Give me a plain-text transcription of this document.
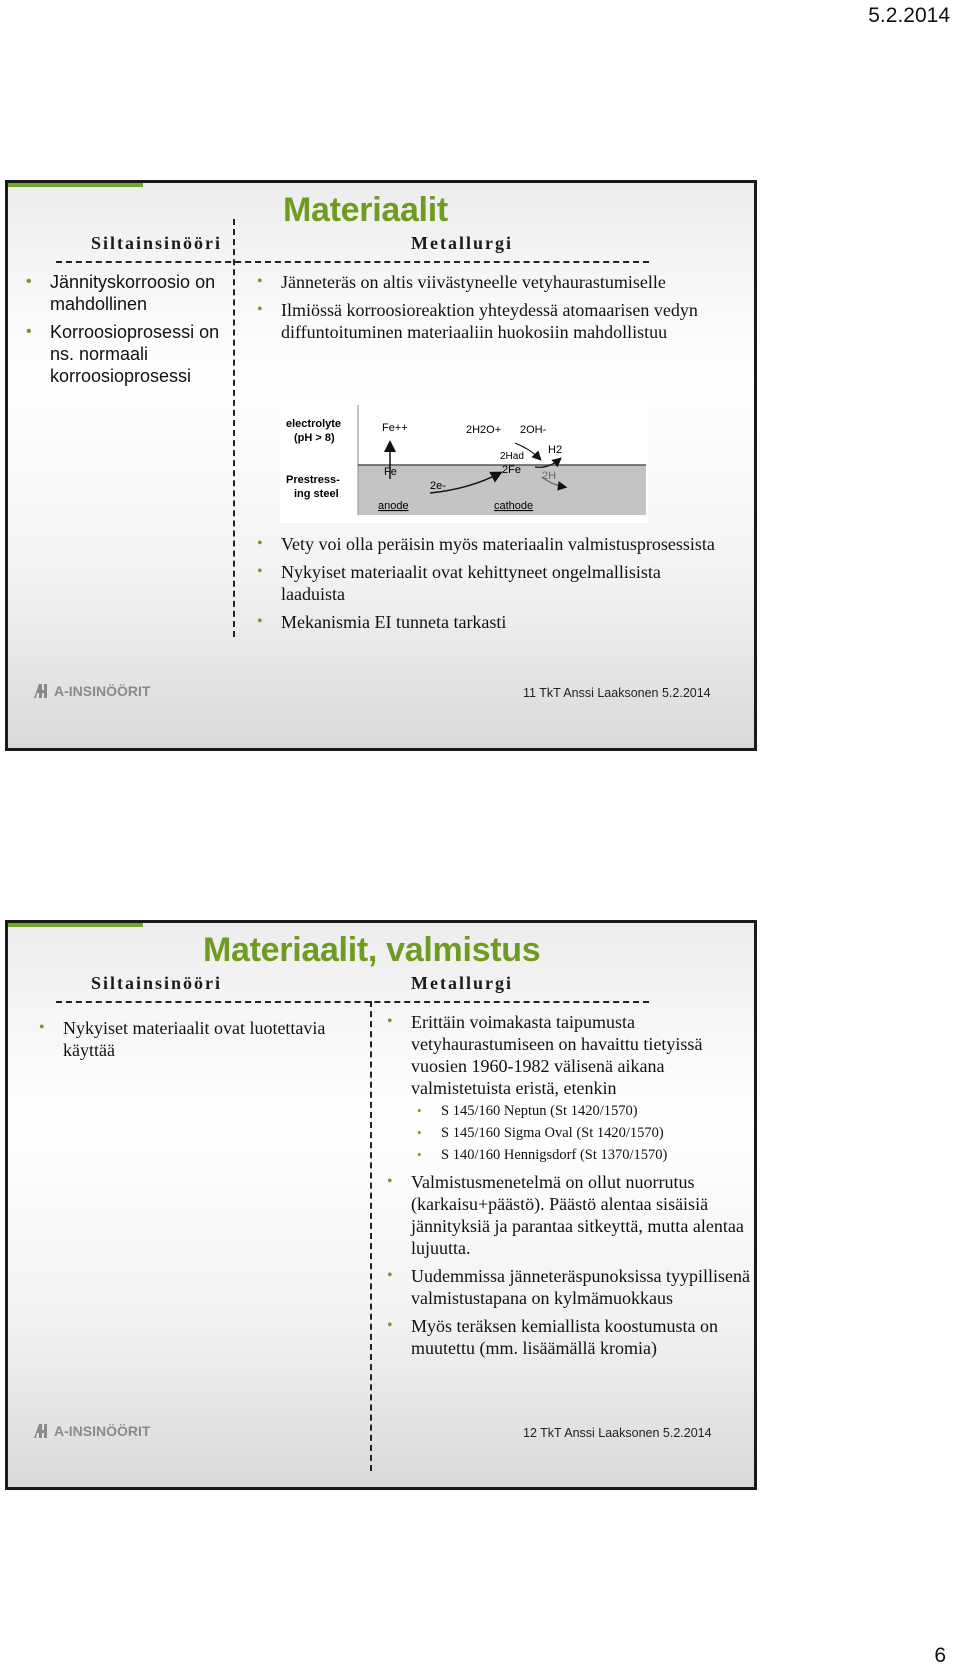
5.2.2014
Materiaalit
Siltainsinööri	Metallurgi
• Jännityskorroosio on mahdollinen
• Korroosioprosessi on ns. normaali korroosioprosessi
• Jänneteräs on altis viivästyneelle vetyhaurastumiselle
• Ilmiössä korroosioreaktion yhteydessä atomaarisen vedyn diffuntoituminen materiaaliin huokosiin mahdollistuu
electrolyte
(pH > 8)
Prestress-
ing steel
Fe++
Fe
2e-
2H2O+ 2OH-
2Had
H2
2Fe 2H
anode	cathode
• Vety voi olla peräisin myös materiaalin valmistusprosessista
• Nykyiset materiaalit ovat kehittyneet ongelmallisista laaduista
• Mekanismia EI tunneta tarkasti
A-INSINÖÖRIT	11 TkT Anssi Laaksonen 5.2.2014
Materiaalit, valmistus
Siltainsinööri	Metallurgi
• Nykyiset materiaalit ovat luotettavia käyttää
• Erittäin voimakasta taipumusta vetyhaurastumiseen on havaittu tietyissä vuosien 1960-1982 välisenä aikana valmistetuista eristä, etenkin
• S 145/160 Neptun (St 1420/1570)
• S 145/160 Sigma Oval (St 1420/1570)
• S 140/160 Hennigsdorf (St 1370/1570)
• Valmistusmenetelmä on ollut nuorrutus (karkaisu+päästö). Päästö alentaa sisäisiä jännityksiä ja parantaa sitkeyttä, mutta alentaa lujuutta.
• Uudemmissa jänneteräspunoksissa tyypillisenä valmistustapana on kylmämuokkaus
• Myös teräksen kemiallista koostumusta on muutettu (mm. lisäämällä kromia)
A-INSINÖÖRIT	12 TkT Anssi Laaksonen 5.2.2014
6
